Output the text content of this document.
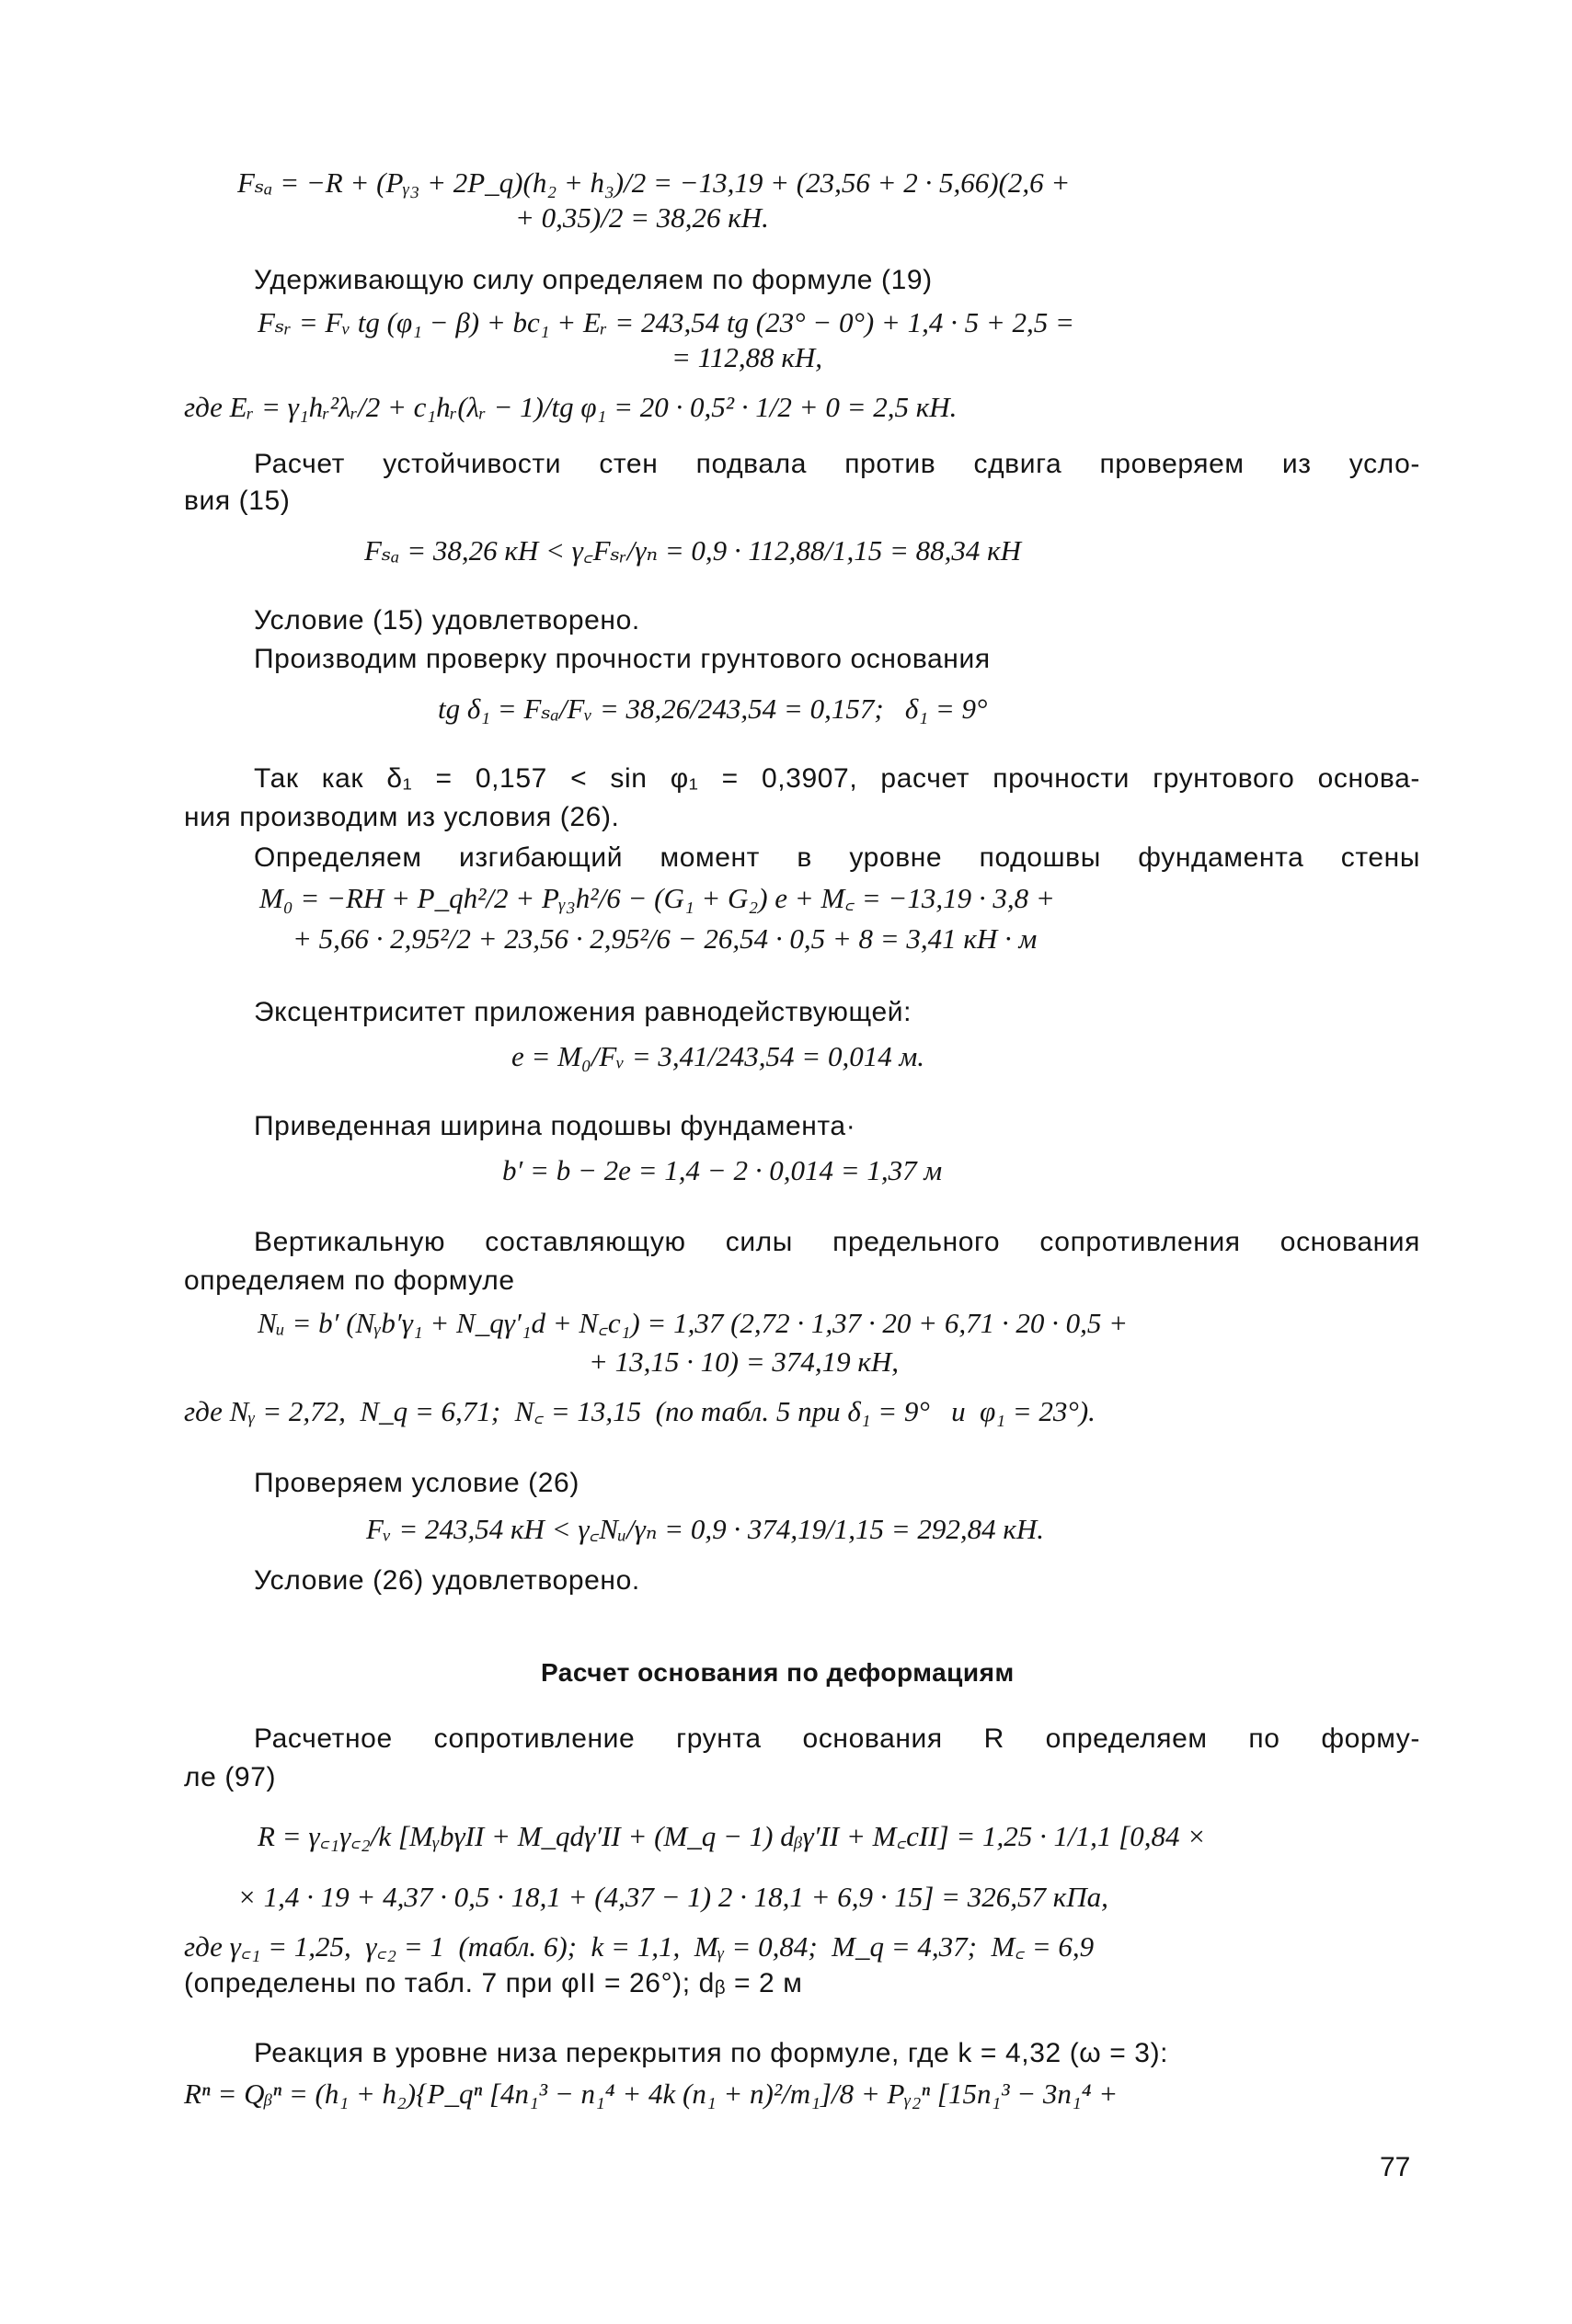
Fₛₐ = −R + (Pᵧ₃ + 2P_q)(h₂ + h₃)/2 = −13,19 + (23,56 + 2 · 5,66)(2,6 +
+ 0,35)/2 = 38,26 кН.
Удерживающую силу определяем по формуле (19)
Fₛᵣ = Fᵥ tg (φ₁ − β) + bc₁ + Eᵣ = 243,54 tg (23° − 0°) + 1,4 · 5 + 2,5 =
= 112,88 кН,
где Eᵣ = γ₁hᵣ²λᵣ/2 + c₁hᵣ(λᵣ − 1)/tg φ₁ = 20 · 0,5² · 1/2 + 0 = 2,5 кН.
Расчет устойчивости стен подвала против сдвига проверяем из усло-
вия (15)
Fₛₐ = 38,26 кН < γ꜀Fₛᵣ/γₙ = 0,9 · 112,88/1,15 = 88,34 кН
Условие (15) удовлетворено.
Производим проверку прочности грунтового основания
tg δ₁ = Fₛₐ/Fᵥ = 38,26/243,54 = 0,157;   δ₁ = 9°
Так как δ₁ = 0,157 < sin φ₁ = 0,3907, расчет прочности грунтового основа-
ния производим из условия (26).
Определяем изгибающий момент в уровне подошвы фундамента стены
M₀ = −RH + P_qh²/2 + Pᵧ₃h²/6 − (G₁ + G₂) e + M꜀ = −13,19 · 3,8 +
+ 5,66 · 2,95²/2 + 23,56 · 2,95²/6 − 26,54 · 0,5 + 8 = 3,41 кН · м
Эксцентриситет приложения равнодействующей:
e = M₀/Fᵥ = 3,41/243,54 = 0,014 м.
Приведенная ширина подошвы фундамента·
b′ = b − 2e = 1,4 − 2 · 0,014 = 1,37 м
Вертикальную составляющую силы предельного сопротивления основания
определяем по формуле
Nᵤ = b′ (Nᵧb′γ₁ + N_qγ′₁d + N꜀c₁) = 1,37 (2,72 · 1,37 · 20 + 6,71 · 20 · 0,5 +
+ 13,15 · 10) = 374,19 кН,
где Nᵧ = 2,72,  N_q = 6,71;  N꜀ = 13,15  (по табл. 5 при δ₁ = 9°   и  φ₁ = 23°).
Проверяем условие (26)
Fᵥ = 243,54 кН < γ꜀Nᵤ/γₙ = 0,9 · 374,19/1,15 = 292,84 кН.
Условие (26) удовлетворено.
Расчет основания по деформациям
Расчетное сопротивление грунта основания R определяем по форму-
ле (97)
R = γ꜀₁γ꜀₂/k [MᵧbγII + M_qdγ′II + (M_q − 1) dᵦγ′II + M꜀cII] = 1,25 · 1/1,1 [0,84 ×
× 1,4 · 19 + 4,37 · 0,5 · 18,1 + (4,37 − 1) 2 · 18,1 + 6,9 · 15] = 326,57 кПа,
где γ꜀₁ = 1,25,  γ꜀₂ = 1  (табл. 6);  k = 1,1,  Mᵧ = 0,84;  M_q = 4,37;  M꜀ = 6,9
(определены по табл. 7 при φII = 26°); dᵦ = 2 м
Реакция в уровне низа перекрытия по формуле, где k = 4,32 (ω = 3):
Rⁿ = Qᵦⁿ = (h₁ + h₂){P_qⁿ [4n₁³ − n₁⁴ + 4k (n₁ + n)²/m₁]/8 + Pᵧ₂ⁿ [15n₁³ − 3n₁⁴ +
77
